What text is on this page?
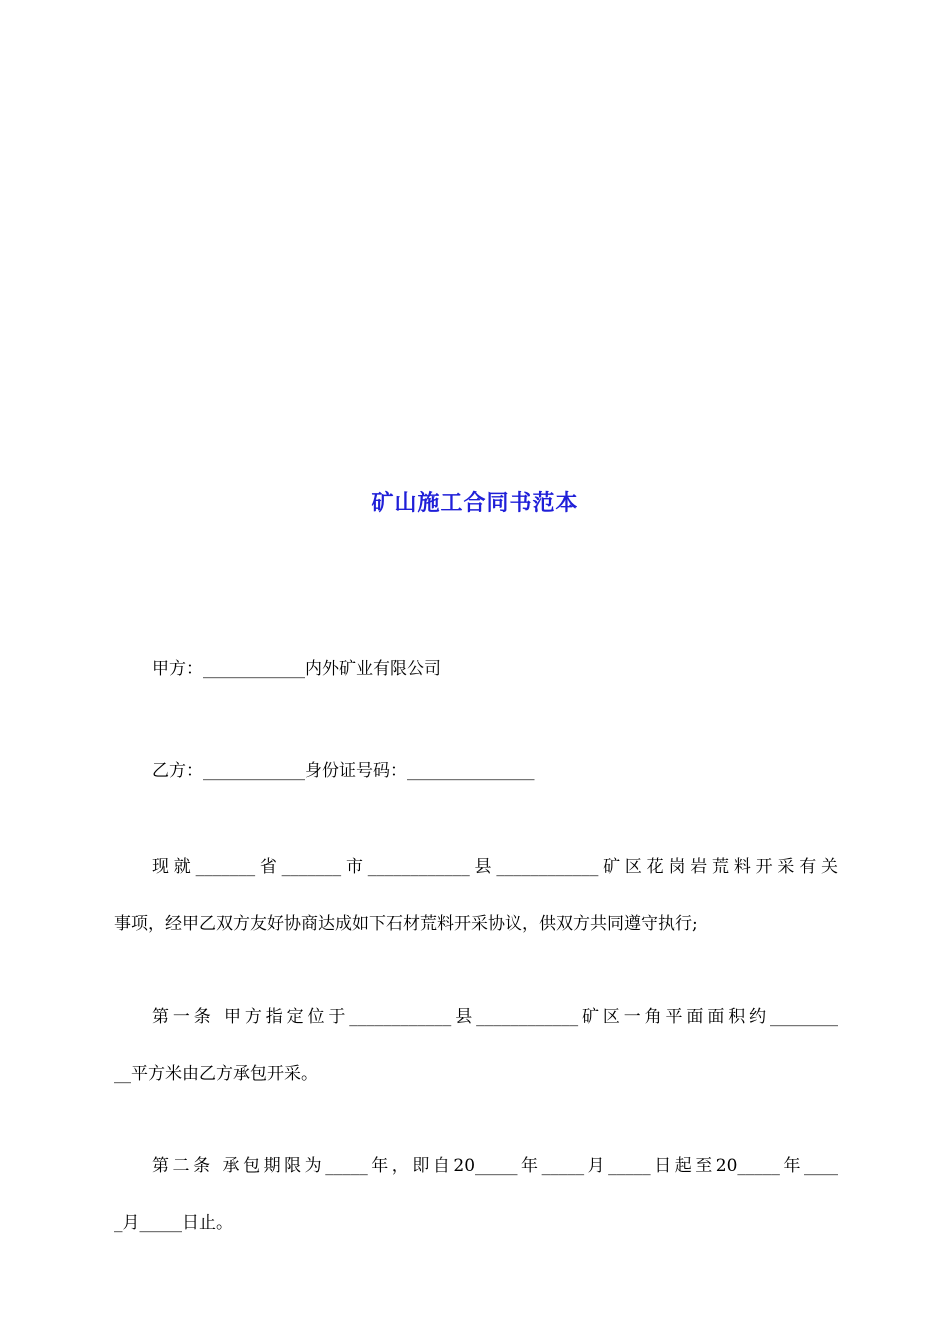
矿山施工合同书范本

甲方：____________内外矿业有限公司

乙方：____________身份证号码：_______________

现就_______省_______市____________县____________矿区花岗岩荒料开采有关
事项，经甲乙双方友好协商达成如下石材荒料开采协议，供双方共同遵守执行;

第一条 甲方指定位于____________县____________矿区一角平面面积约________
__平方米由乙方承包开采。

第二条 承包期限为_____年，即自20_____年_____月_____日起至20_____年____
_月_____日止。
